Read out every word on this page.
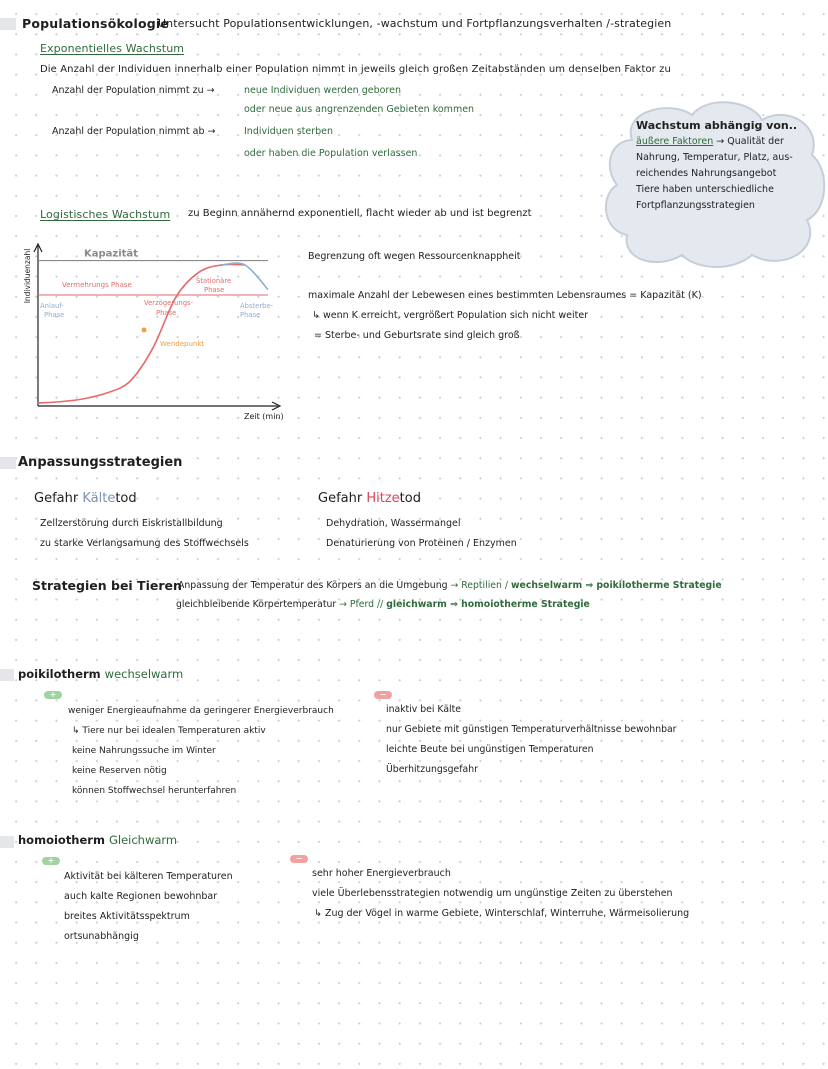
Populationsökologie
Untersucht Populationsentwicklungen, -wachstum und Fortpflanzungsverhalten /-strategien
Exponentielles Wachstum
Die Anzahl der Individuen innerhalb einer Population nimmt in jeweils gleich großen Zeitabständen um denselben Faktor zu
Anzahl der Population nimmt zu →	neue Individuen werden geboren
oder neue aus angrenzenden Gebieten kommen
Anzahl der Population nimmt ab →	Individuen sterben
oder haben die Population verlassen
Wachstum abhängig von..
äußere Faktoren → Qualität der
Nahrung, Temperatur, Platz, aus-
reichendes Nahrungsangebot
Tiere haben unterschiedliche
Fortpflanzungsstrategien
Logistisches Wachstum zu Beginn annähernd exponentiell, flacht wieder ab und ist begrenzt
Individuenzahl
Zeit (min)
Kapazität
Anlauf-
Phase
Vermehrungs Phase
Verzögerungs-
Phase
Stationäre
Phase
Absterbe-
Phase
Wendepunkt
Begrenzung oft wegen Ressourcenknappheit
maximale Anzahl der Lebewesen eines bestimmten Lebensraumes = Kapazität (K)
↳ wenn K erreicht, vergrößert Population sich nicht weiter
= Sterbe- und Geburtsrate sind gleich groß
Anpassungsstrategien
Gefahr Kältetod
Zellzerstörung durch Eiskristallbildung
zu starke Verlangsamung des Stoffwechsels
Gefahr Hitzetod
Dehydration, Wassermangel
Denaturierung von Proteinen / Enzymen
Strategien bei Tieren
Anpassung der Temperatur des Körpers an die Umgebung → Reptilien / wechselwarm ⇒ poikilotherme Strategie
gleichbleibende Körpertemperatur → Pferd // gleichwarm ⇒ homoiotherme Strategie
poikilotherm wechselwarm
+	−
weniger Energieaufnahme da geringerer Energieverbrauch
↳ Tiere nur bei idealen Temperaturen aktiv
keine Nahrungssuche im Winter
keine Reserven nötig
können Stoffwechsel herunterfahren
inaktiv bei Kälte
nur Gebiete mit günstigen Temperaturverhältnisse bewohnbar
leichte Beute bei ungünstigen Temperaturen
Überhitzungsgefahr
homoiotherm Gleichwarm
+	−
Aktivität bei kälteren Temperaturen
auch kalte Regionen bewohnbar
breites Aktivitätsspektrum
ortsunabhängig
sehr hoher Energieverbrauch
viele Überlebensstrategien notwendig um ungünstige Zeiten zu überstehen
↳ Zug der Vögel in warme Gebiete, Winterschlaf, Winterruhe, Wärmeisolierung
